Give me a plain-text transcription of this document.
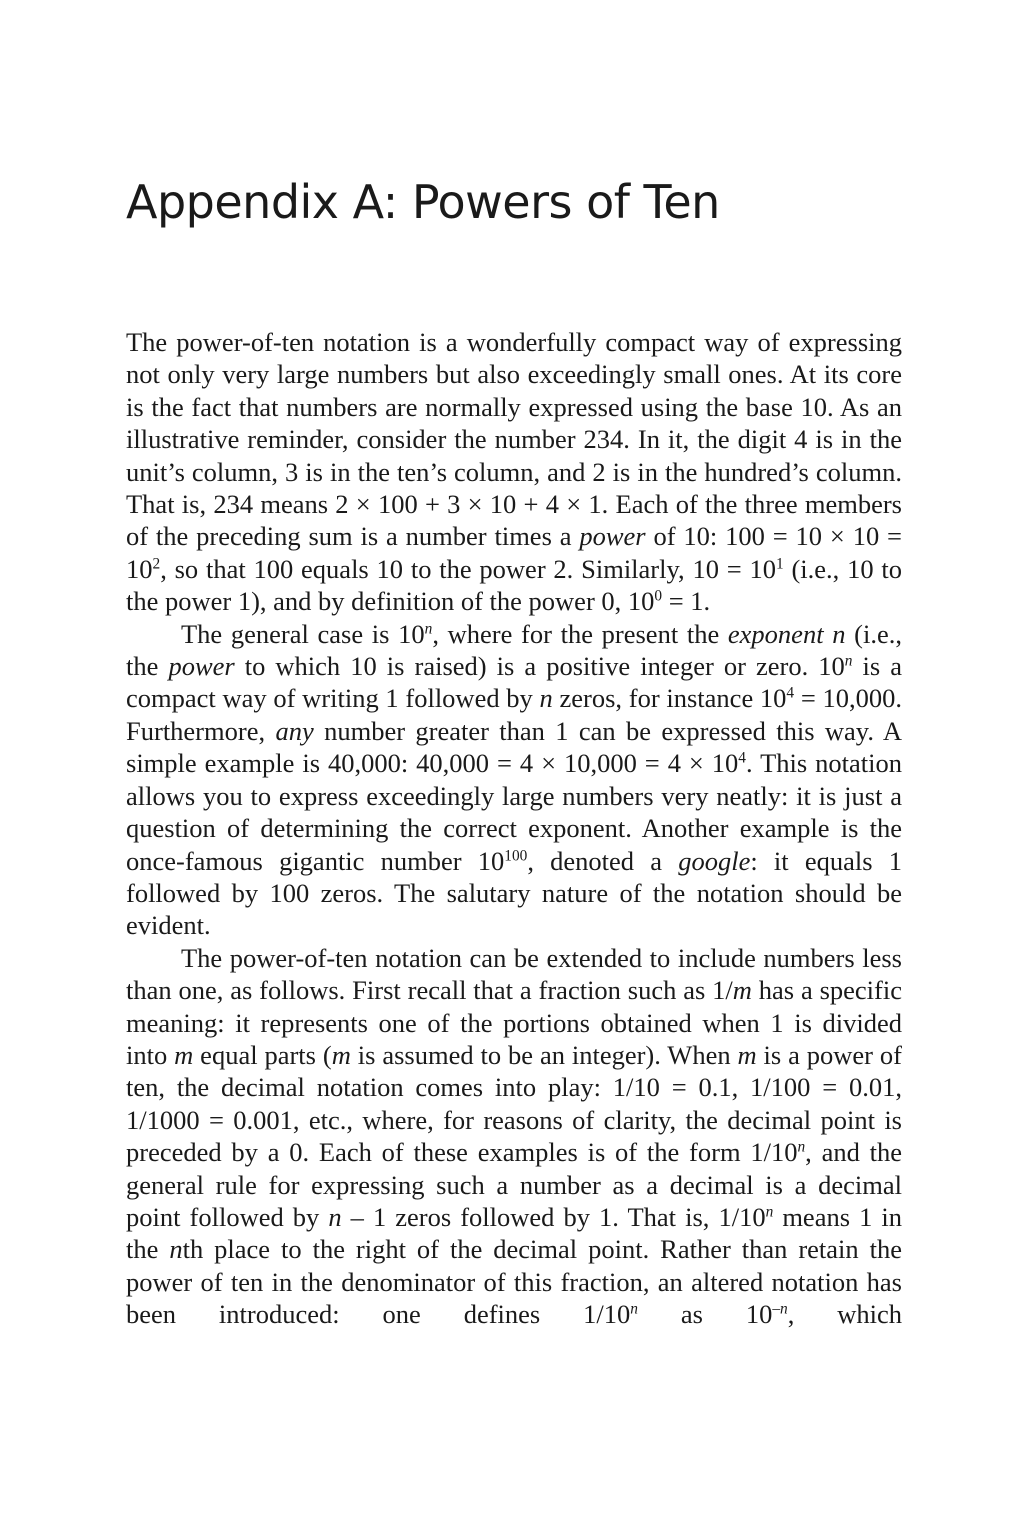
Appendix A: Powers of Ten

The power-of-ten notation is a wonderfully compact way of expressing not only very large numbers but also exceedingly small ones. At its core is the fact that numbers are normally expressed using the base 10. As an illustrative reminder, consider the number 234. In it, the digit 4 is in the unit’s column, 3 is in the ten’s column, and 2 is in the hundred’s column. That is, 234 means 2 × 100 + 3 × 10 + 4 × 1. Each of the three members of the preceding sum is a number times a power of 10: $100 = 10 \times 10 = 10^2$, so that 100 equals 10 to the power 2. Similarly, $10 = 10^1$ (i.e., 10 to the power 1), and by definition of the power 0, $10^0 = 1$.

The general case is 10$^n$, where for the present the exponent n (i.e., the power to which 10 is raised) is a positive integer or zero. 10$^n$ is a compact way of writing 1 followed by n zeros, for instance $10^4 = 10,000$. Furthermore, any number greater than 1 can be expressed this way. A simple example is 40,000: $40,000 = 4 \times 10,000 = 4 \times 10^4$. This notation allows you to express exceedingly large numbers very neatly: it is just a question of determining the correct exponent. Another example is the once-famous gigantic number $10^{100}$, denoted a google: it equals 1 followed by 100 zeros. The salutary nature of the notation should be evident.

The power-of-ten notation can be extended to include numbers less than one, as follows. First recall that a fraction such as 1/m has a specific meaning: it represents one of the portions obtained when 1 is divided into m equal parts (m is assumed to be an integer). When m is a power of ten, the decimal notation comes into play: 1/10 = 0.1, 1/100 = 0.01, 1/1000 = 0.001, etc., where, for reasons of clarity, the decimal point is preceded by a 0. Each of these examples is of the form 1/10$^n$, and the general rule for expressing such a number as a decimal is a decimal point followed by n – 1 zeros followed by 1. That is, 1/10$^n$ means 1 in the nth place to the right of the decimal point. Rather than retain the power of ten in the denominator of this fraction, an altered notation has been introduced: one defines 1/10$^n$ as $10^{-n}$, which
